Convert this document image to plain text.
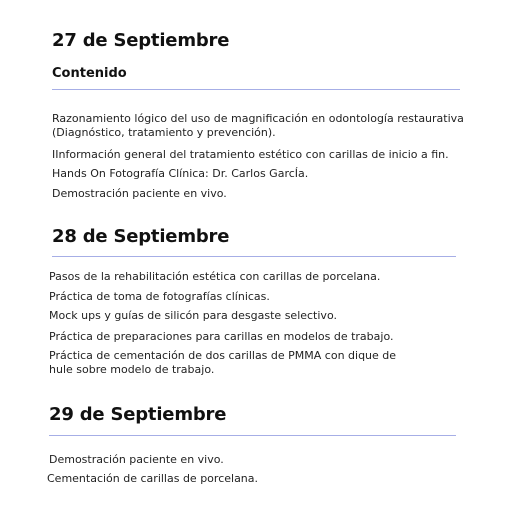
27 de Septiembre
Contenido
Razonamiento lógico del uso de magnificación en odontología restaurativa (Diagnóstico, tratamiento y prevención).
IInformación general del tratamiento estético con carillas de inicio a fin.
Hands On Fotografía Clínica: Dr. Carlos GarcÍa.
Demostración paciente en vivo.
28 de Septiembre
Pasos de la rehabilitación estética con carillas de porcelana.
Práctica de toma de fotografías clínicas.
Mock ups y guías de silicón para desgaste selectivo.
Práctica de preparaciones para carillas en modelos de trabajo.
Práctica de cementación de dos carillas de PMMA con dique de hule sobre modelo de trabajo.
29 de Septiembre
Demostración paciente en vivo.
Cementación de carillas de porcelana.
